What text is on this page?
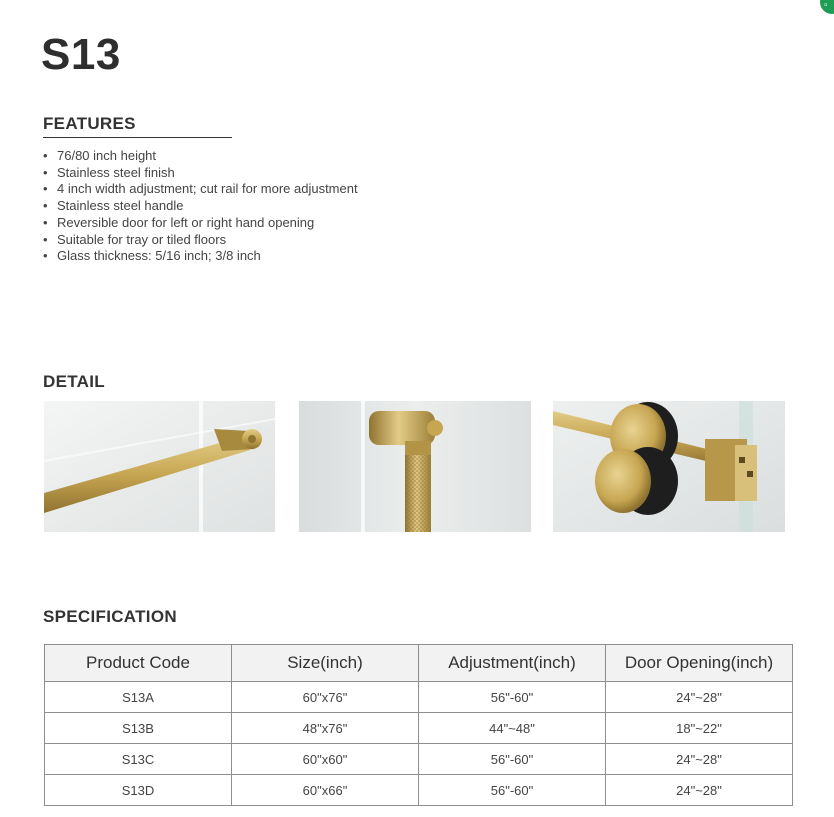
▫
S13
FEATURES
• 76/80 inch height
• Stainless steel finish
• 4 inch width adjustment; cut rail for more adjustment
• Stainless steel handle
• Reversible door for left or right hand opening
• Suitable for tray or tiled floors
• Glass thickness: 5/16 inch; 3/8 inch
DETAIL
SPECIFICATION
Product Code	Size(inch)	Adjustment(inch)	Door Opening(inch)
S13A	60"x76"	56"-60"	24"~28"
S13B	48"x76"	44"~48"	18"~22"
S13C	60"x60"	56"-60"	24"~28"
S13D	60"x66"	56"-60"	24"~28"
